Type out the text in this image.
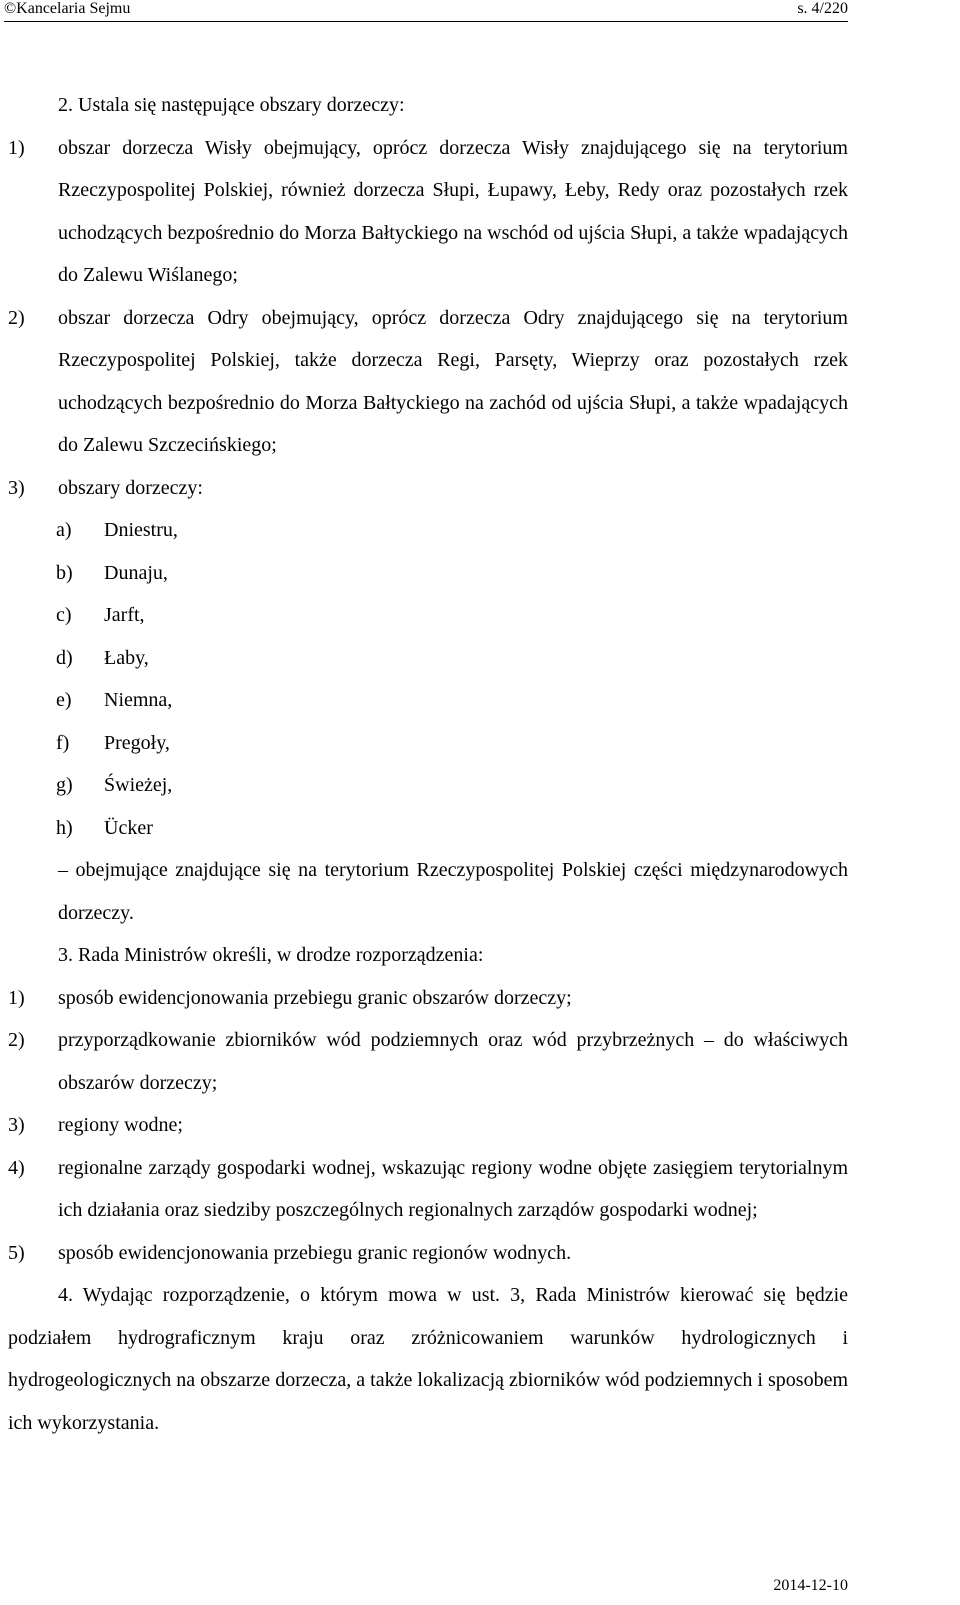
©Kancelaria Sejmu	s. 4/220

2. Ustala się następujące obszary dorzeczy:

1)	obszar dorzecza Wisły obejmujący, oprócz dorzecza Wisły znajdującego się na terytorium Rzeczypospolitej Polskiej, również dorzecza Słupi, Łupawy, Łeby, Redy oraz pozostałych rzek uchodzących bezpośrednio do Morza Bałtyckiego na wschód od ujścia Słupi, a także wpadających do Zalewu Wiślanego;
2)	obszar dorzecza Odry obejmujący, oprócz dorzecza Odry znajdującego się na terytorium Rzeczypospolitej Polskiej, także dorzecza Regi, Parsęty, Wieprzy oraz pozostałych rzek uchodzących bezpośrednio do Morza Bałtyckiego na zachód od ujścia Słupi, a także wpadających do Zalewu Szczecińskiego;
3)	obszary dorzeczy:
a)	Dniestru,
b)	Dunaju,
c)	Jarft,
d)	Łaby,
e)	Niemna,
f)	Pregoły,
g)	Świeżej,
h)	Ücker

– obejmujące znajdujące się na terytorium Rzeczypospolitej Polskiej części międzynarodowych dorzeczy.

3. Rada Ministrów określi, w drodze rozporządzenia:

1)	sposób ewidencjonowania przebiegu granic obszarów dorzeczy;
2)	przyporządkowanie zbiorników wód podziemnych oraz wód przybrzeżnych – do właściwych obszarów dorzeczy;
3)	regiony wodne;
4)	regionalne zarządy gospodarki wodnej, wskazując regiony wodne objęte zasięgiem terytorialnym ich działania oraz siedziby poszczególnych regionalnych zarządów gospodarki wodnej;
5)	sposób ewidencjonowania przebiegu granic regionów wodnych.

4. Wydając rozporządzenie, o którym mowa w ust. 3, Rada Ministrów kierować się będzie podziałem hydrograficznym kraju oraz zróżnicowaniem warunków hydrologicznych i hydrogeologicznych na obszarze dorzecza, a także lokalizacją zbiorników wód podziemnych i sposobem ich wykorzystania.

2014-12-10
